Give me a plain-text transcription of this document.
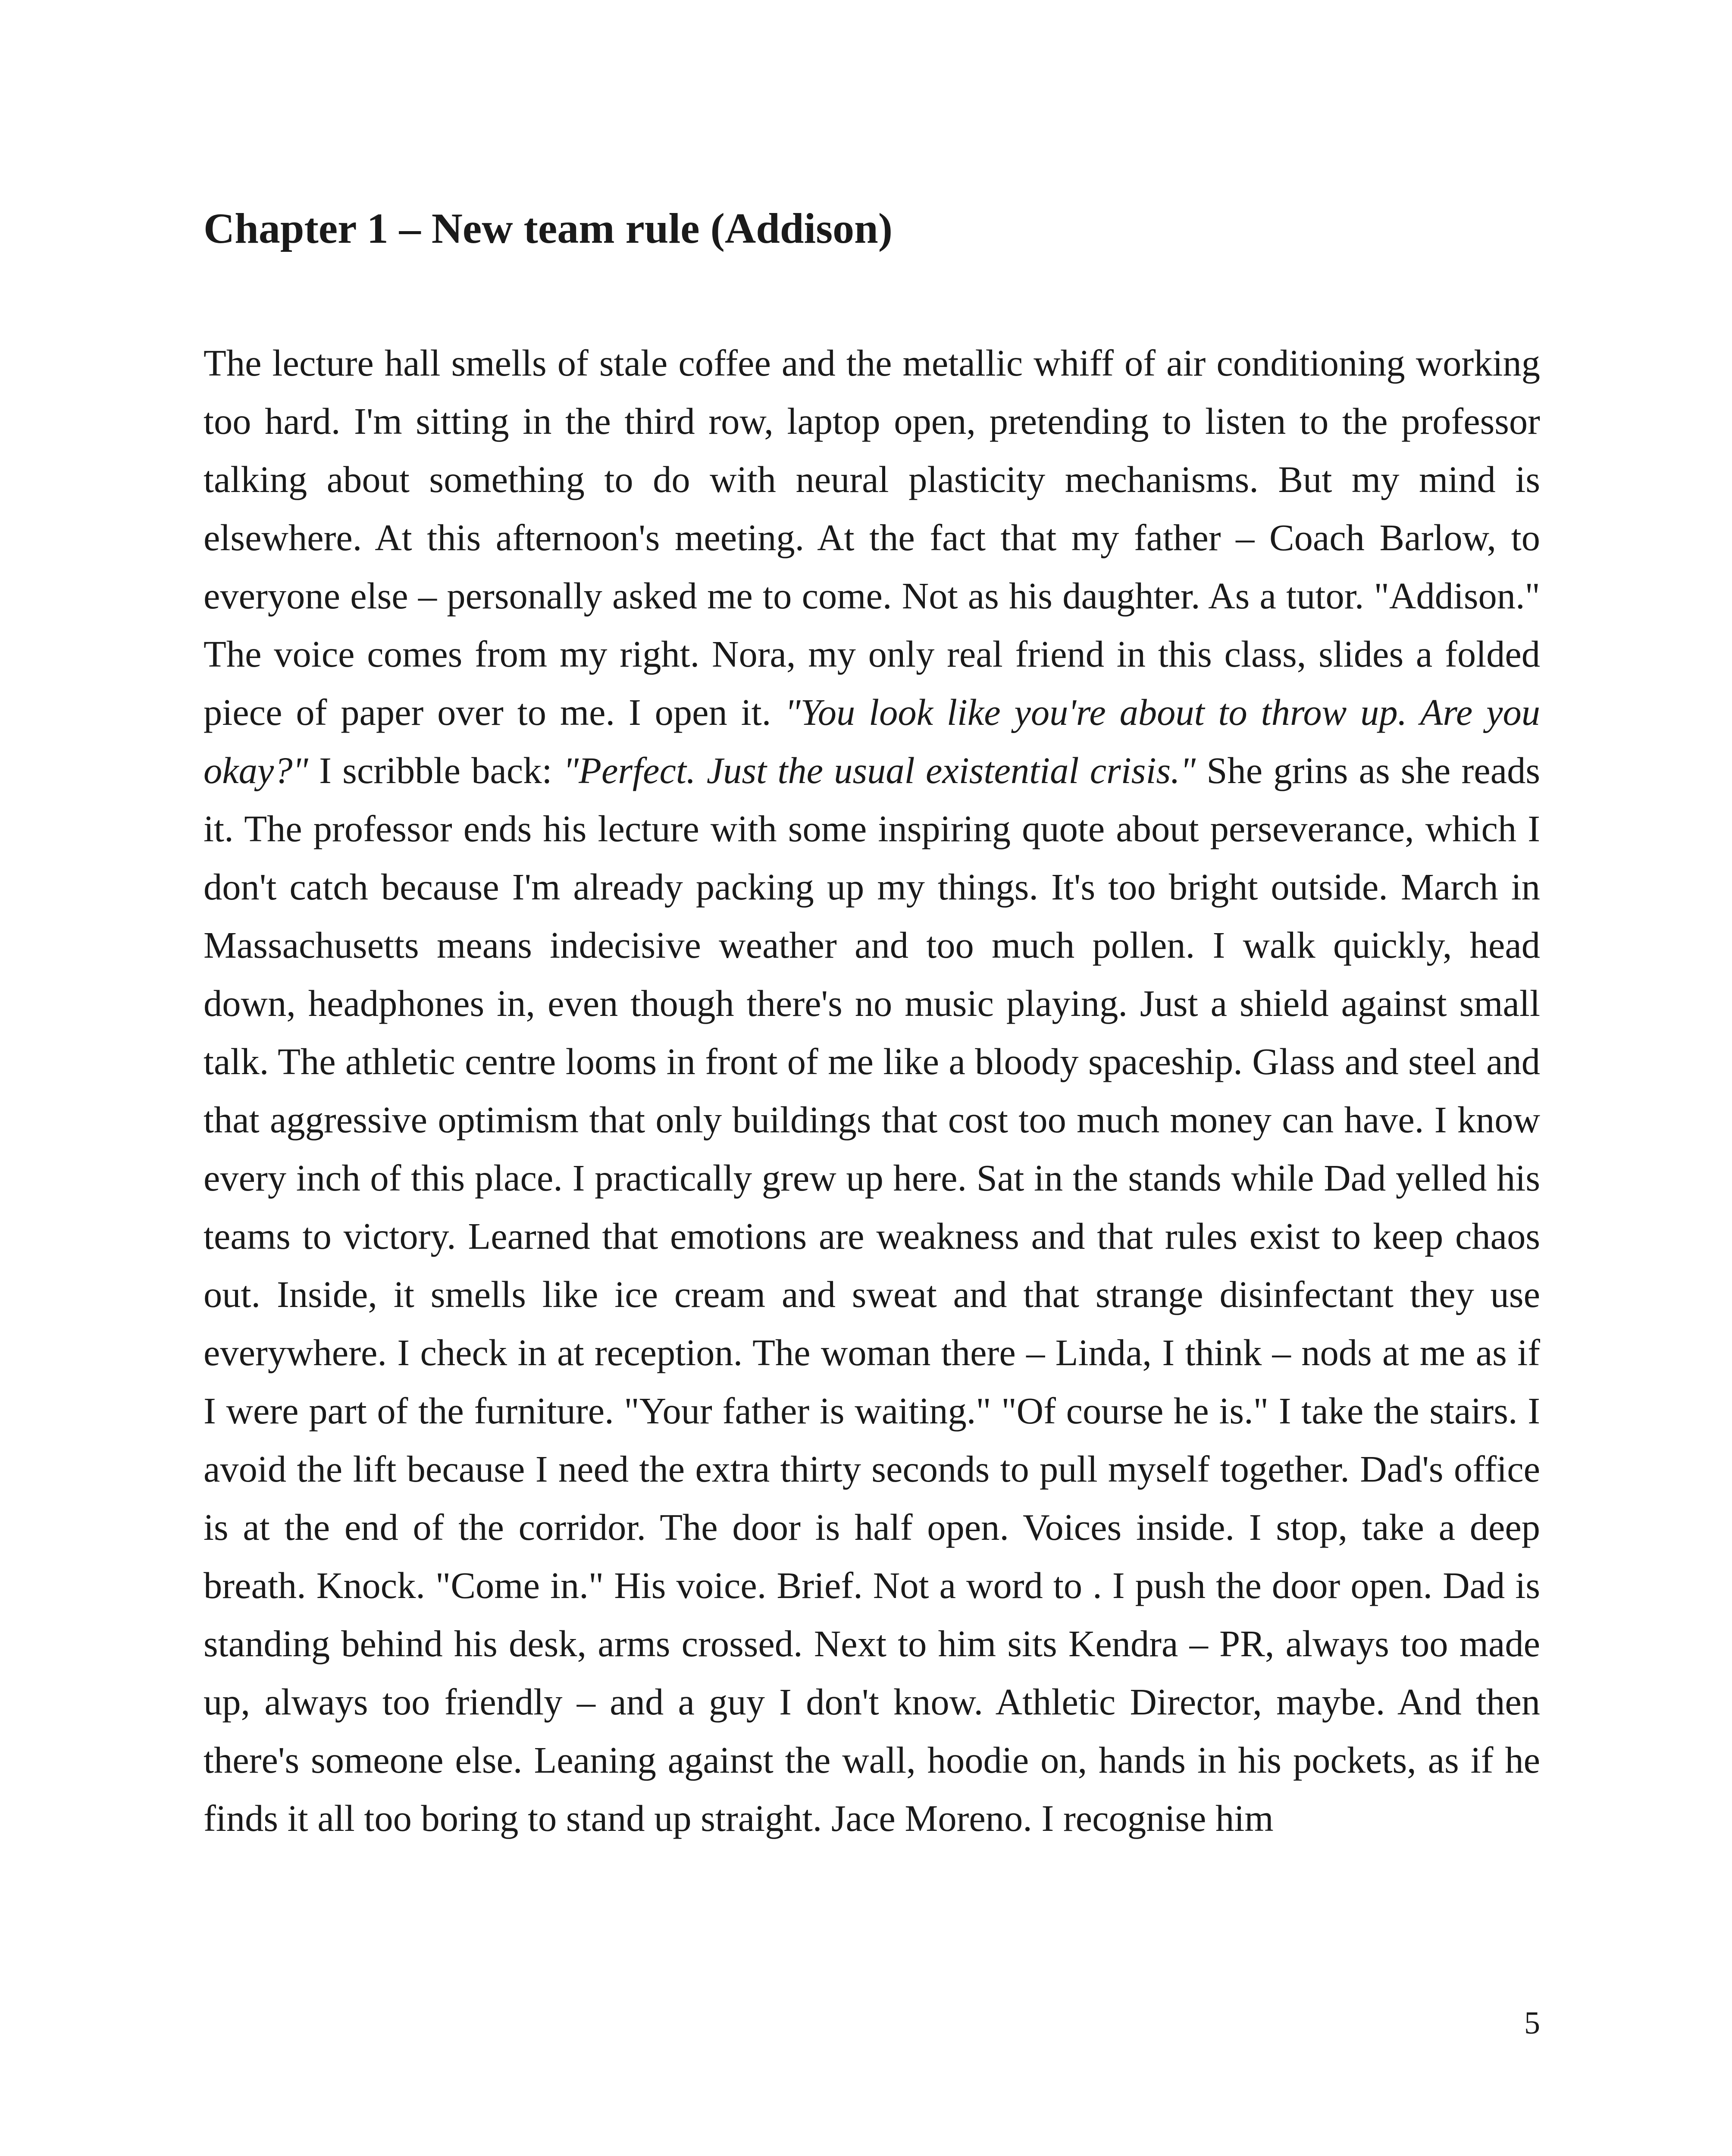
Chapter 1 – New team rule (Addison)

The lecture hall smells of stale coffee and the metallic whiff of air conditioning working too hard. I'm sitting in the third row, laptop open, pretending to listen to the professor talking about something to do with neural plasticity mechanisms. But my mind is elsewhere. At this afternoon's meeting. At the fact that my father – Coach Barlow, to everyone else – personally asked me to come. Not as his daughter. As a tutor. "Addison." The voice comes from my right. Nora, my only real friend in this class, slides a folded piece of paper over to me. I open it. "You look like you're about to throw up. Are you okay?" I scribble back: "Perfect. Just the usual existential crisis." She grins as she reads it. The professor ends his lecture with some inspiring quote about perseverance, which I don't catch because I'm already packing up my things. It's too bright outside. March in Massachusetts means indecisive weather and too much pollen. I walk quickly, head down, headphones in, even though there's no music playing. Just a shield against small talk. The athletic centre looms in front of me like a bloody spaceship. Glass and steel and that aggressive optimism that only buildings that cost too much money can have. I know every inch of this place. I practically grew up here. Sat in the stands while Dad yelled his teams to victory. Learned that emotions are weakness and that rules exist to keep chaos out. Inside, it smells like ice cream and sweat and that strange disinfectant they use everywhere. I check in at reception. The woman there – Linda, I think – nods at me as if I were part of the furniture. "Your father is waiting." "Of course he is." I take the stairs. I avoid the lift because I need the extra thirty seconds to pull myself together. Dad's office is at the end of the corridor. The door is half open. Voices inside. I stop, take a deep breath. Knock. "Come in." His voice. Brief. Not a word to . I push the door open. Dad is standing behind his desk, arms crossed. Next to him sits Kendra – PR, always too made up, always too friendly – and a guy I don't know. Athletic Director, maybe. And then there's someone else. Leaning against the wall, hoodie on, hands in his pockets, as if he finds it all too boring to stand up straight. Jace Moreno. I recognise him

5
